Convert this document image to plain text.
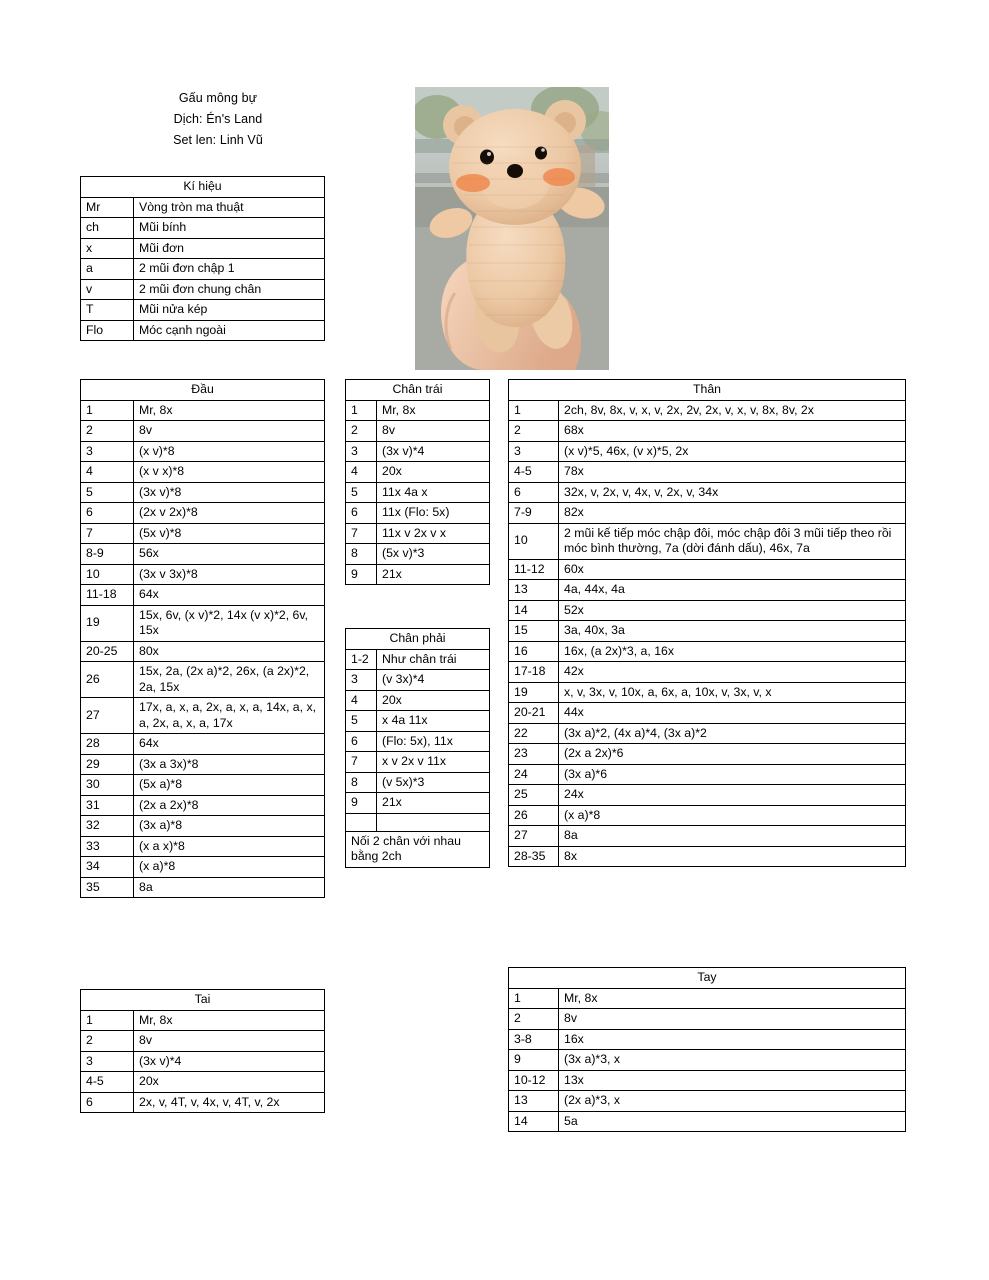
Gấu mông bự
Dịch: Én's Land
Set len: Linh Vũ
Kí hiệu	
Mr	Vòng tròn ma thuật
ch	Mũi bính
x	Mũi đơn
a	2 mũi đơn chập 1
v	2 mũi đơn chung chân
T	Mũi nửa kép
Flo	Móc cạnh ngoài
Đầu	
1	Mr, 8x
2	8v
3	(x v)*8
4	(x v x)*8
5	(3x v)*8
6	(2x v 2x)*8
7	(5x v)*8
8-9	56x
10	(3x v 3x)*8
11-18	64x
19	15x, 6v, (x v)*2, 14x (v x)*2, 6v, 15x
20-25	80x
26	15x, 2a, (2x a)*2, 26x, (a 2x)*2, 2a, 15x
27	17x, a, x, a, 2x, a, x, a, 14x, a, x, a, 2x, a, x, a, 17x
28	64x
29	(3x a 3x)*8
30	(5x a)*8
31	(2x a 2x)*8
32	(3x a)*8
33	(x a x)*8
34	(x a)*8
35	8a
Tai	
1	Mr, 8x
2	8v
3	(3x v)*4
4-5	20x
6	2x, v, 4T, v, 4x, v, 4T, v, 2x
Chân trái	
1	Mr, 8x
2	8v
3	(3x v)*4
4	20x
5	11x 4a x
6	11x (Flo: 5x)
7	11x v 2x v x
8	(5x v)*3
9	21x
Chân phải	
1-2	Như chân trái
3	(v 3x)*4
4	20x
5	x 4a 11x
6	(Flo: 5x), 11x
7	x v 2x v 11x
8	(v 5x)*3
9	21x

Nối 2 chân với nhau bằng 2ch	
Thân	
1	2ch, 8v, 8x, v, x, v, 2x, 2v, 2x, v, x, v, 8x, 8v, 2x
2	68x
3	(x v)*5, 46x, (v x)*5, 2x
4-5	78x
6	32x, v, 2x, v, 4x, v, 2x, v, 34x
7-9	82x
10	2 mũi kế tiếp móc chập đôi, móc chập đôi 3 mũi tiếp theo rồi móc bình thường, 7a (dời đánh dấu), 46x, 7a
11-12	60x
13	4a, 44x, 4a
14	52x
15	3a, 40x, 3a
16	16x, (a 2x)*3, a, 16x
17-18	42x
19	x, v, 3x, v, 10x, a, 6x, a, 10x, v, 3x, v, x
20-21	44x
22	(3x a)*2, (4x a)*4, (3x a)*2
23	(2x a 2x)*6
24	(3x a)*6
25	24x
26	(x a)*8
27	8a
28-35	8x
Tay	
1	Mr, 8x
2	8v
3-8	16x
9	(3x a)*3, x
10-12	13x
13	(2x a)*3, x
14	5a
